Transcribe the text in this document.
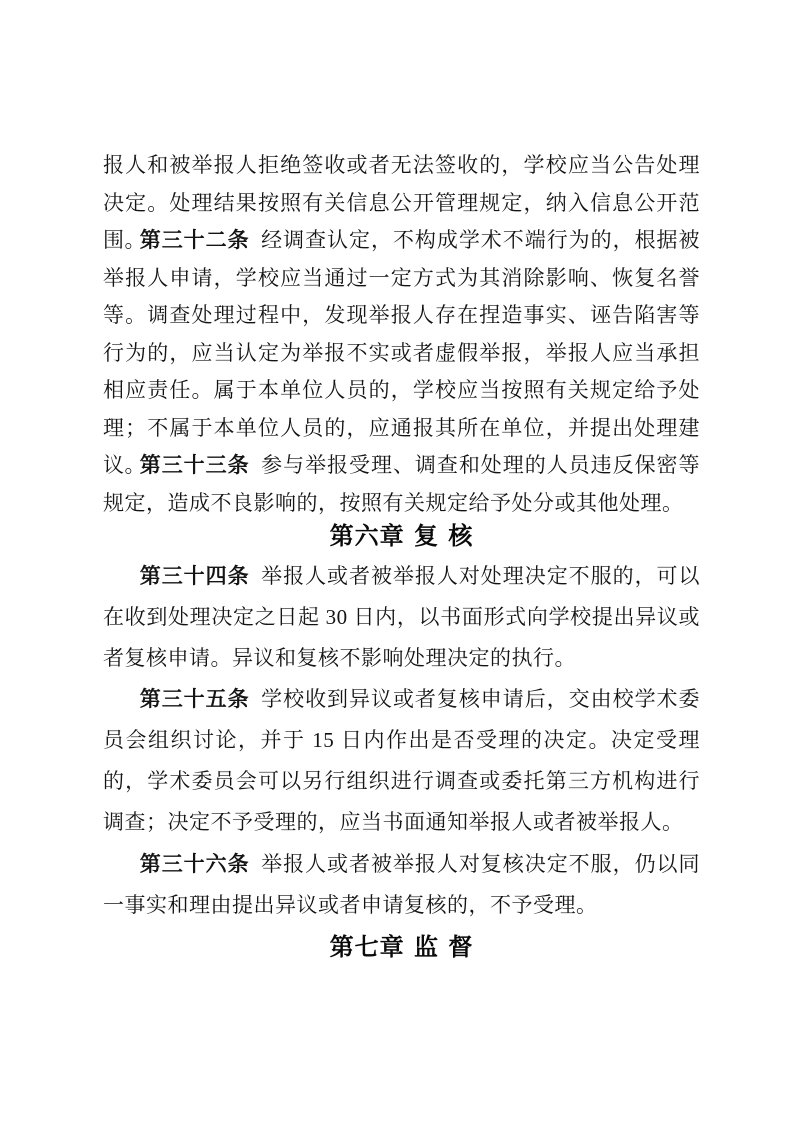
报人和被举报人拒绝签收或者无法签收的，学校应当公告处理决定。处理结果按照有关信息公开管理规定，纳入信息公开范围。

第三十二条 经调查认定，不构成学术不端行为的，根据被举报人申请，学校应当通过一定方式为其消除影响、恢复名誉等。调查处理过程中，发现举报人存在捏造事实、诬告陷害等行为的，应当认定为举报不实或者虚假举报，举报人应当承担相应责任。属于本单位人员的，学校应当按照有关规定给予处理；不属于本单位人员的，应通报其所在单位，并提出处理建议。

第三十三条 参与举报受理、调查和处理的人员违反保密等规定，造成不良影响的，按照有关规定给予处分或其他处理。

第六章 复 核

第三十四条 举报人或者被举报人对处理决定不服的，可以在收到处理决定之日起 30 日内，以书面形式向学校提出异议或者复核申请。异议和复核不影响处理决定的执行。

第三十五条 学校收到异议或者复核申请后，交由校学术委员会组织讨论，并于 15 日内作出是否受理的决定。决定受理的，学术委员会可以另行组织进行调查或委托第三方机构进行调查；决定不予受理的，应当书面通知举报人或者被举报人。

第三十六条 举报人或者被举报人对复核决定不服，仍以同一事实和理由提出异议或者申请复核的，不予受理。

第七章 监 督
